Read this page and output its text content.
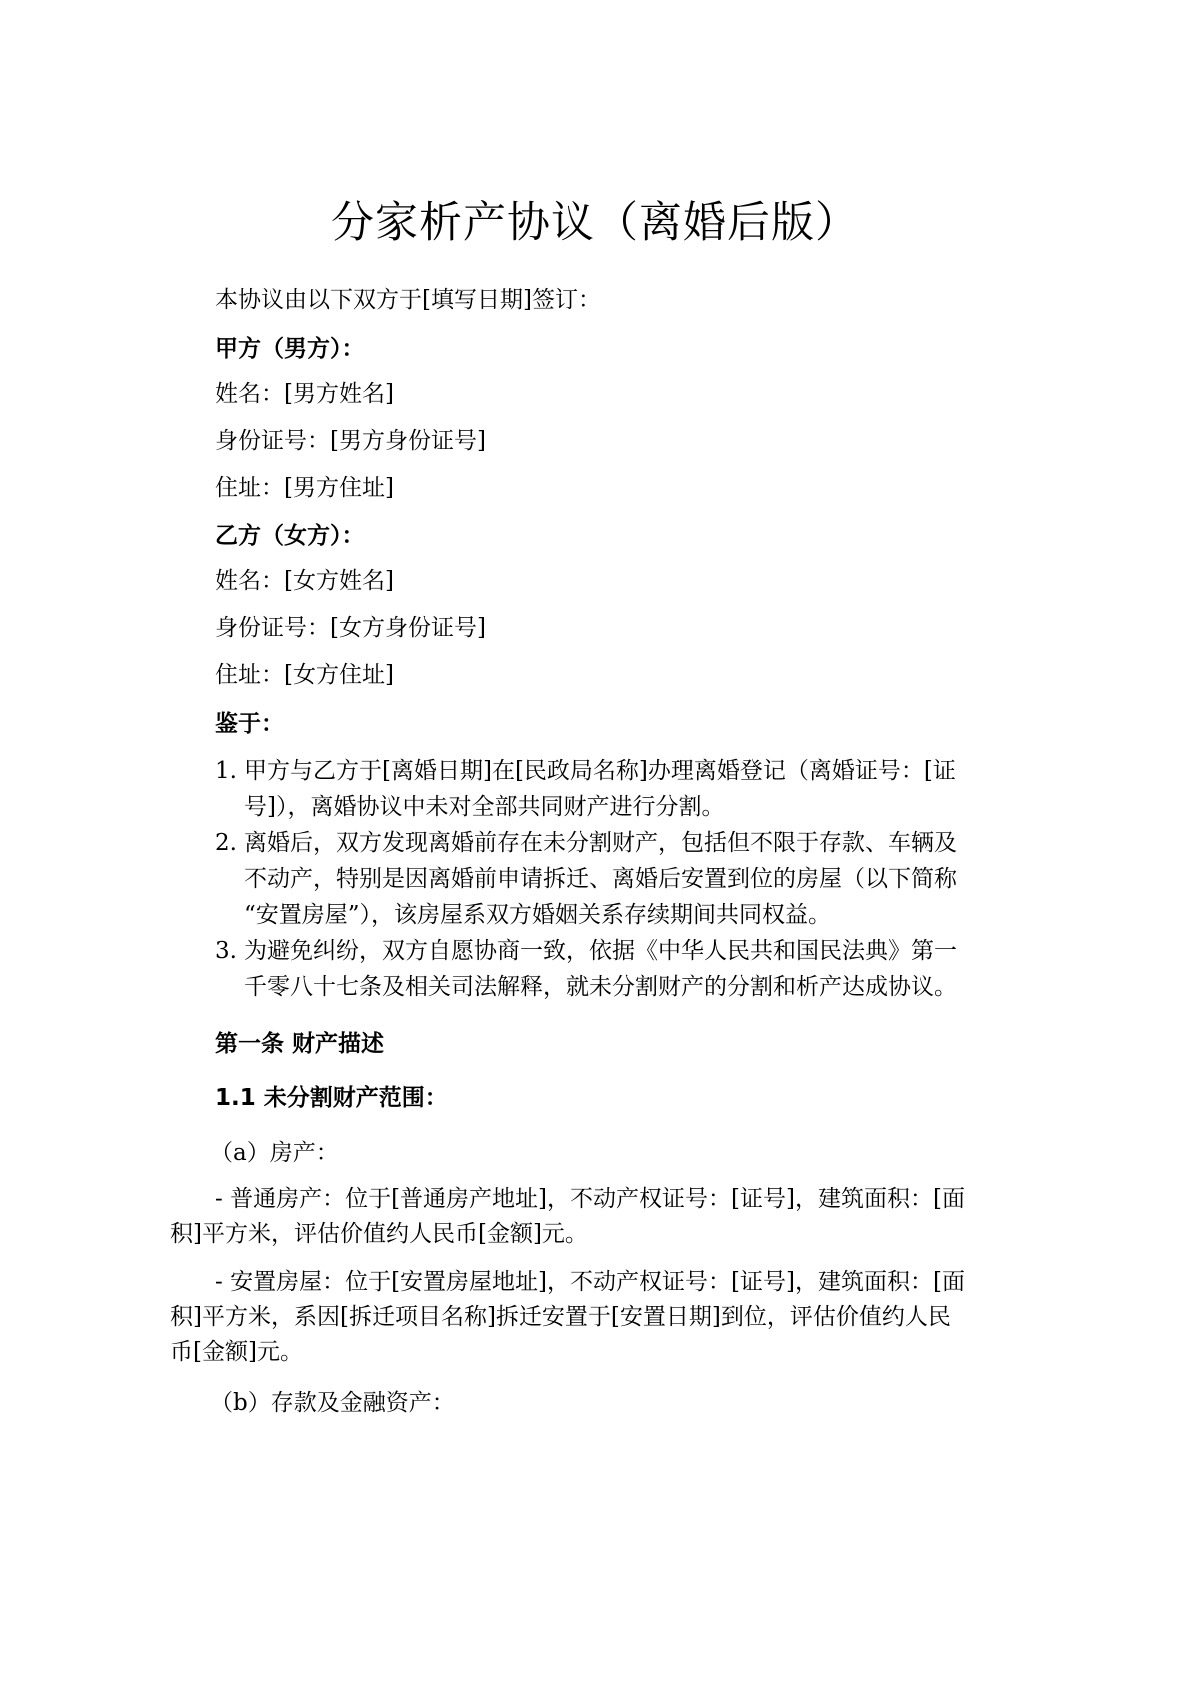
分家析产协议（离婚后版）
本协议由以下双方于[填写日期]签订：
甲方（男方）：
姓名：[男方姓名]
身份证号：[男方身份证号]
住址：[男方住址]
乙方（女方）：
姓名：[女方姓名]
身份证号：[女方身份证号]
住址：[女方住址]
鉴于：
1. 甲方与乙方于[离婚日期]在[民政局名称]办理离婚登记（离婚证号：[证
号]），离婚协议中未对全部共同财产进行分割。
2. 离婚后，双方发现离婚前存在未分割财产，包括但不限于存款、车辆及
不动产，特别是因离婚前申请拆迁、离婚后安置到位的房屋（以下简称
“安置房屋”），该房屋系双方婚姻关系存续期间共同权益。
3. 为避免纠纷，双方自愿协商一致，依据《中华人民共和国民法典》第一
千零八十七条及相关司法解释，就未分割财产的分割和析产达成协议。
第一条 财产描述
1.1 未分割财产范围：
（a）房产：
- 普通房产：位于[普通房产地址]，不动产权证号：[证号]，建筑面积：[面
积]平方米，评估价值约人民币[金额]元。
- 安置房屋：位于[安置房屋地址]，不动产权证号：[证号]，建筑面积：[面
积]平方米，系因[拆迁项目名称]拆迁安置于[安置日期]到位，评估价值约人民
币[金额]元。
（b）存款及金融资产：
